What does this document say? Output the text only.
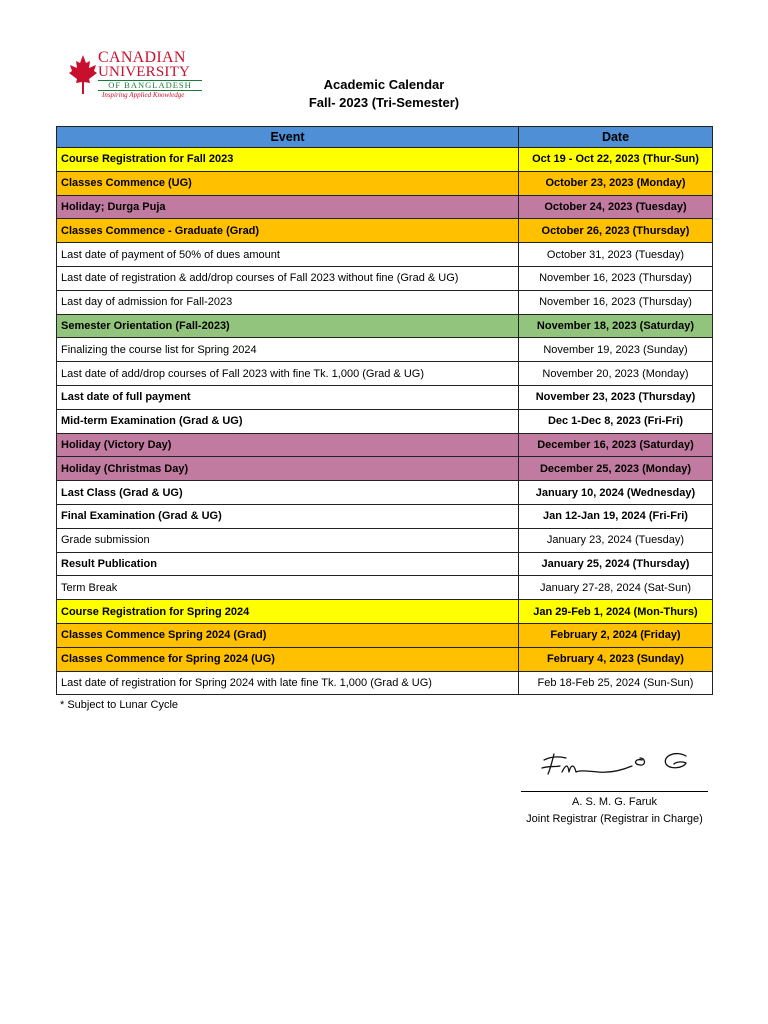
CANADIAN
UNIVERSITY
OF BANGLADESH
Inspiring Applied Knowledge
Academic Calendar
Fall- 2023 (Tri-Semester)
Event	Date
Course Registration for Fall 2023	Oct 19 - Oct 22, 2023 (Thur-Sun)
Classes Commence (UG)	October 23, 2023 (Monday)
Holiday; Durga Puja	October 24, 2023 (Tuesday)
Classes Commence - Graduate (Grad)	October 26, 2023 (Thursday)
Last date of payment of 50% of dues amount	October 31, 2023 (Tuesday)
Last date of registration & add/drop courses of Fall 2023 without fine (Grad & UG)	November 16, 2023 (Thursday)
Last day of admission for Fall-2023	November 16, 2023 (Thursday)
Semester Orientation (Fall-2023)	November 18, 2023 (Saturday)
Finalizing the course list for Spring 2024	November 19, 2023 (Sunday)
Last date of add/drop courses of Fall 2023 with fine Tk. 1,000 (Grad & UG)	November 20, 2023 (Monday)
Last date of full payment	November 23, 2023 (Thursday)
Mid-term Examination (Grad & UG)	Dec 1-Dec 8, 2023 (Fri-Fri)
Holiday (Victory Day)	December 16, 2023 (Saturday)
Holiday (Christmas Day)	December 25, 2023 (Monday)
Last Class (Grad & UG)	January 10, 2024 (Wednesday)
Final Examination (Grad & UG)	Jan 12-Jan 19, 2024 (Fri-Fri)
Grade submission	January 23, 2024 (Tuesday)
Result Publication	January 25, 2024 (Thursday)
Term Break	January 27-28, 2024 (Sat-Sun)
Course Registration for Spring 2024	Jan 29-Feb 1, 2024 (Mon-Thurs)
Classes Commence Spring 2024 (Grad)	February 2, 2024 (Friday)
Classes Commence for Spring 2024 (UG)	February 4, 2023 (Sunday)
Last date of registration for Spring 2024 with late fine Tk. 1,000 (Grad & UG)	Feb 18-Feb 25, 2024 (Sun-Sun)
* Subject to Lunar Cycle
A. S. M. G. Faruk
Joint Registrar (Registrar in Charge)
